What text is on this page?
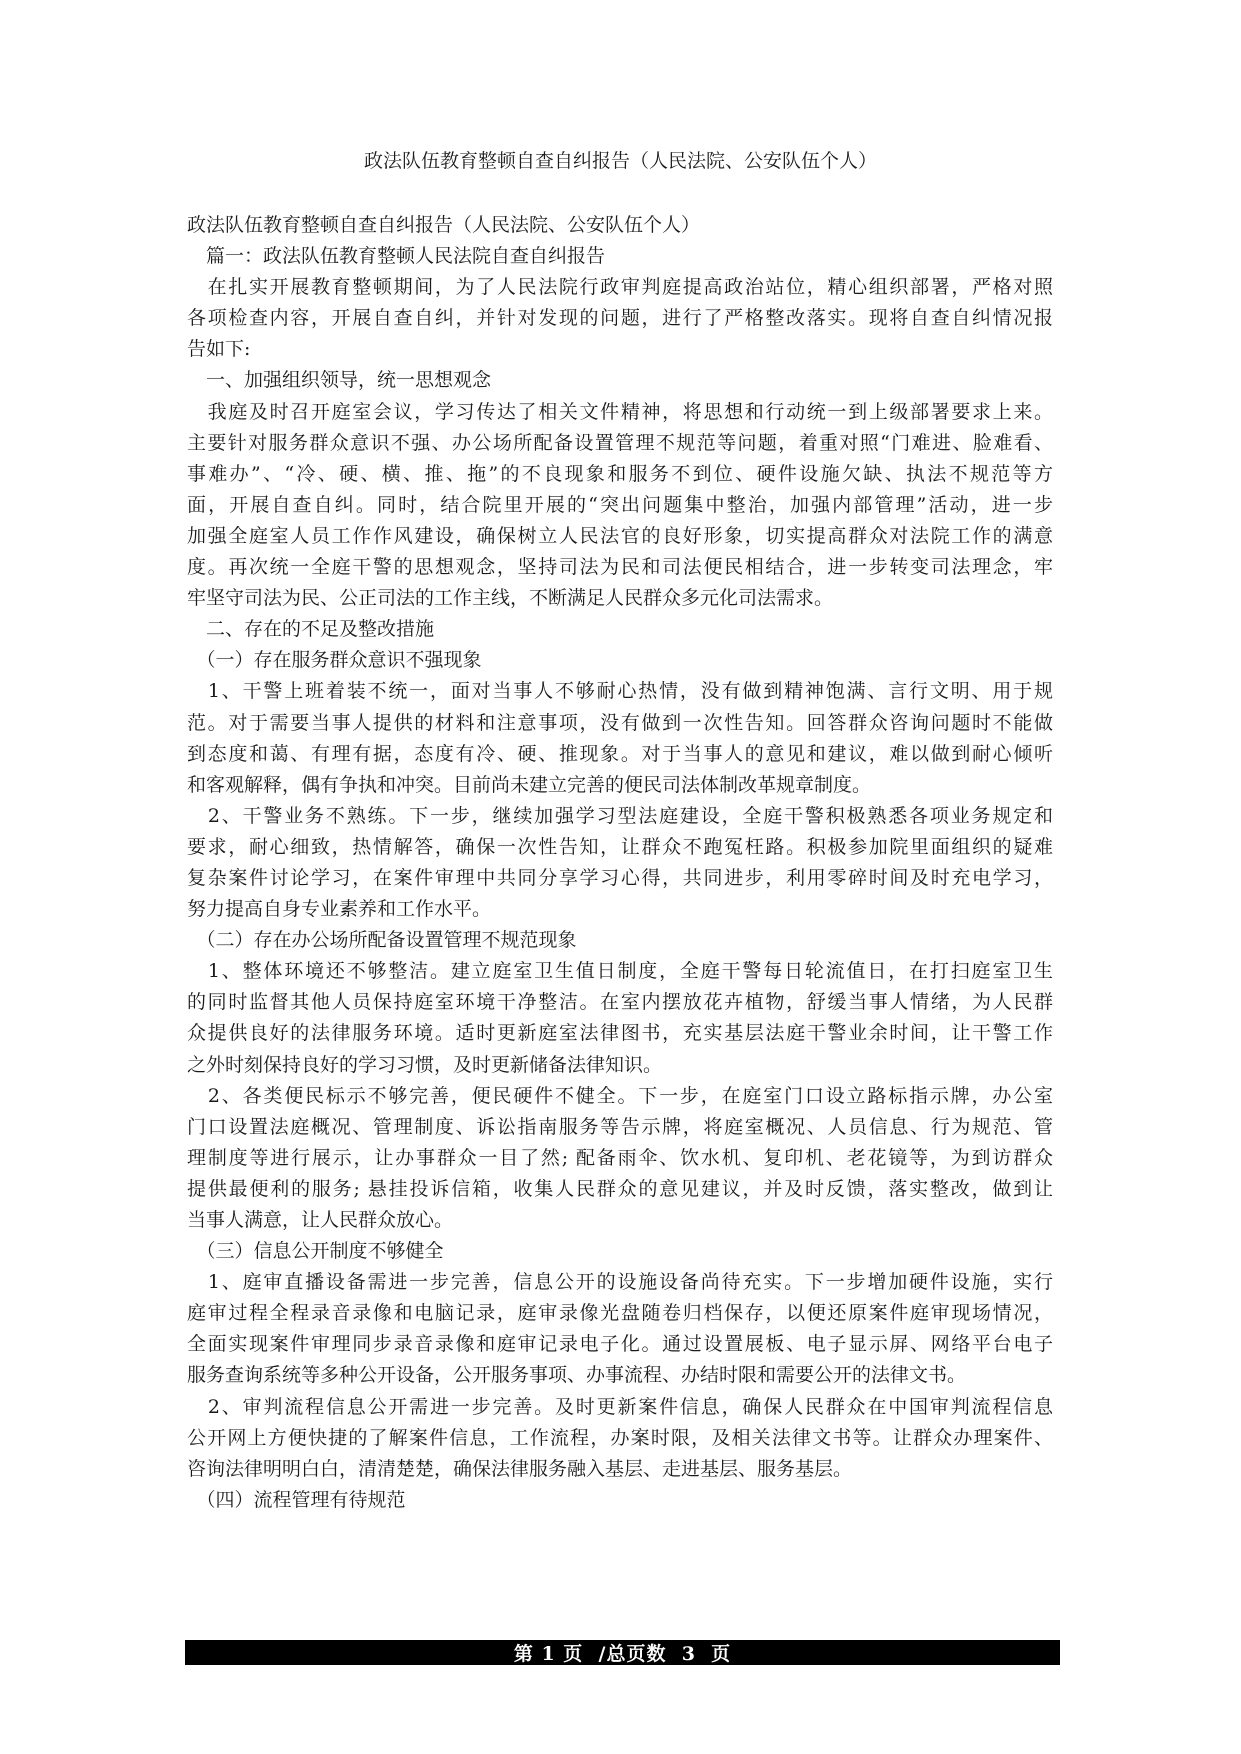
政法队伍教育整顿自查自纠报告（人民法院、公安队伍个人）
政法队伍教育整顿自查自纠报告（人民法院、公安队伍个人）
　篇一：政法队伍教育整顿人民法院自查自纠报告
　在扎实开展教育整顿期间，为了人民法院行政审判庭提高政治站位，精心组织部署，严格对照
各项检查内容，开展自查自纠，并针对发现的问题，进行了严格整改落实。现将自查自纠情况报
告如下:
　一、加强组织领导，统一思想观念
　我庭及时召开庭室会议，学习传达了相关文件精神，将思想和行动统一到上级部署要求上来。
主要针对服务群众意识不强、办公场所配备设置管理不规范等问题，着重对照“门难进、脸难看、
事难办”、“冷、硬、横、推、拖”的不良现象和服务不到位、硬件设施欠缺、执法不规范等方
面，开展自查自纠。同时，结合院里开展的“突出问题集中整治，加强内部管理”活动，进一步
加强全庭室人员工作作风建设，确保树立人民法官的良好形象，切实提高群众对法院工作的满意
度。再次统一全庭干警的思想观念，坚持司法为民和司法便民相结合，进一步转变司法理念，牢
牢坚守司法为民、公正司法的工作主线，不断满足人民群众多元化司法需求。
　二、存在的不足及整改措施
　（一）存在服务群众意识不强现象
　1、干警上班着装不统一，面对当事人不够耐心热情，没有做到精神饱满、言行文明、用于规
范。对于需要当事人提供的材料和注意事项，没有做到一次性告知。回答群众咨询问题时不能做
到态度和蔼、有理有据，态度有冷、硬、推现象。对于当事人的意见和建议，难以做到耐心倾听
和客观解释，偶有争执和冲突。目前尚未建立完善的便民司法体制改革规章制度。
　2、干警业务不熟练。下一步，继续加强学习型法庭建设，全庭干警积极熟悉各项业务规定和
要求，耐心细致，热情解答，确保一次性告知，让群众不跑冤枉路。积极参加院里面组织的疑难
复杂案件讨论学习，在案件审理中共同分享学习心得，共同进步，利用零碎时间及时充电学习，
努力提高自身专业素养和工作水平。
　（二）存在办公场所配备设置管理不规范现象
　1、整体环境还不够整洁。建立庭室卫生值日制度，全庭干警每日轮流值日，在打扫庭室卫生
的同时监督其他人员保持庭室环境干净整洁。在室内摆放花卉植物，舒缓当事人情绪，为人民群
众提供良好的法律服务环境。适时更新庭室法律图书，充实基层法庭干警业余时间，让干警工作
之外时刻保持良好的学习习惯，及时更新储备法律知识。
　2、各类便民标示不够完善，便民硬件不健全。下一步，在庭室门口设立路标指示牌，办公室
门口设置法庭概况、管理制度、诉讼指南服务等告示牌，将庭室概况、人员信息、行为规范、管
理制度等进行展示，让办事群众一目了然; 配备雨伞、饮水机、复印机、老花镜等，为到访群众
提供最便利的服务; 悬挂投诉信箱，收集人民群众的意见建议，并及时反馈，落实整改，做到让
当事人满意，让人民群众放心。
　（三）信息公开制度不够健全
　1、庭审直播设备需进一步完善，信息公开的设施设备尚待充实。下一步增加硬件设施，实行
庭审过程全程录音录像和电脑记录，庭审录像光盘随卷归档保存，以便还原案件庭审现场情况，
全面实现案件审理同步录音录像和庭审记录电子化。通过设置展板、电子显示屏、网络平台电子
服务查询系统等多种公开设备，公开服务事项、办事流程、办结时限和需要公开的法律文书。
　2、审判流程信息公开需进一步完善。及时更新案件信息，确保人民群众在中国审判流程信息
公开网上方便快捷的了解案件信息，工作流程，办案时限，及相关法律文书等。让群众办理案件、
咨询法律明明白白，清清楚楚，确保法律服务融入基层、走进基层、服务基层。
　（四）流程管理有待规范
第 1 页  /总页数  3  页
